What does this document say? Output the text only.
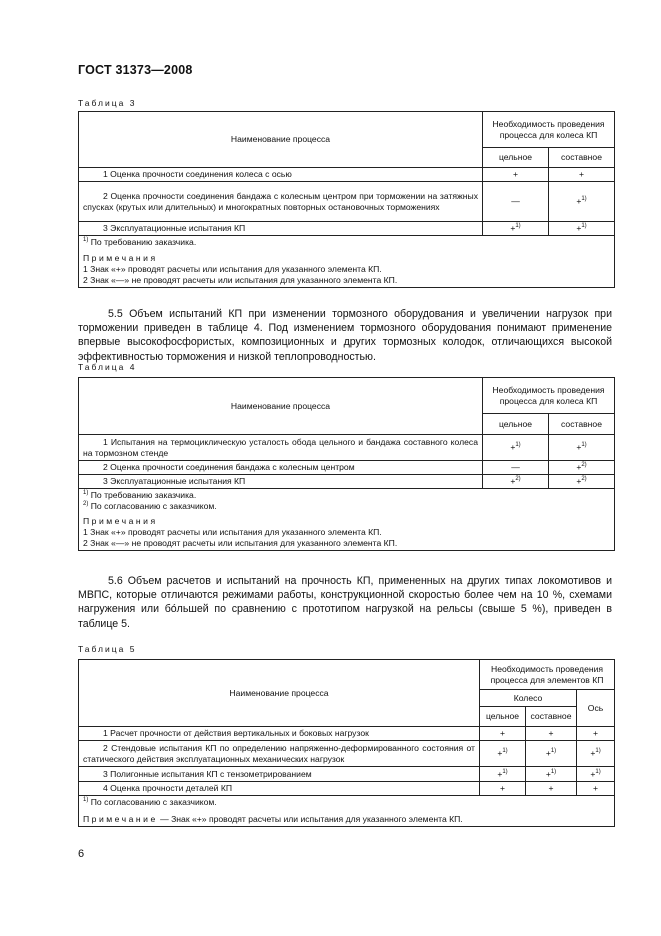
ГОСТ 31373—2008
Таблица 3
Наименование процесса	Необходимость проведения процесса для колеса КП	
	цельное	составное
1 Оценка прочности соединения колеса с осью	+	+
2 Оценка прочности соединения бандажа с колесным центром при торможении на затяжных спусках (крутых или длительных) и многократных повторных остановочных торможениях	—	+$^{1)}$
3 Эксплуатационные испытания КП	+$^{1)}$	+$^{1)}$

$^{1)}$ По требованию заказчика.
Примечания
1 Знак «+» проводят расчеты или испытания для указанного элемента КП.
2 Знак «—» не проводят расчеты или испытания для указанного элемента КП.		
5.5 Объем испытаний КП при изменении тормозного оборудования и увеличении нагрузок при торможении приведен в таблице 4. Под изменением тормозного оборудования понимают применение впервые высокофосфористых, композиционных и других тормозных колодок, отличающихся высокой эффективностью торможения и низкой теплопроводностью.
Таблица 4
Наименование процесса	Необходимость проведения процесса для колеса КП	
	цельное	составное
1 Испытания на термоциклическую усталость обода цельного и бандажа составного колеса на тормозном стенде	+$^{1)}$	+$^{1)}$
2 Оценка прочности соединения бандажа с колесным центром	—	+$^{2)}$
3 Эксплуатационные испытания КП	+$^{2)}$	+$^{2)}$

$^{1)}$ По требованию заказчика.
$^{2)}$ По согласованию с заказчиком.
Примечания
1 Знак «+» проводят расчеты или испытания для указанного элемента КП.
2 Знак «—» не проводят расчеты или испытания для указанного элемента КП.		
5.6 Объем расчетов и испытаний на прочность КП, примененных на других типах локомотивов и МВПС, которые отличаются режимами работы, конструкционной скоростью более чем на 10 %, схемами нагружения или бо́льшей по сравнению с прототипом нагрузкой на рельсы (свыше 5 %), приведен в таблице 5.
Таблица 5
Наименование процесса	Необходимость проведения процесса для элементов КП		
	Колесо		Ось
	цельное	составное	
1 Расчет прочности от действия вертикальных и боковых нагрузок	+	+	+
2 Стендовые испытания КП по определению напряженно-деформированного состояния от статического действия эксплуатационных механических нагрузок	+$^{1)}$	+$^{1)}$	+$^{1)}$
3 Полигонные испытания КП с тензометрированием	+$^{1)}$	+$^{1)}$	+$^{1)}$
4 Оценка прочности деталей КП	+	+	+

$^{1)}$ По согласованию с заказчиком.
Примечание — Знак «+» проводят расчеты или испытания для указанного элемента КП.			
6
